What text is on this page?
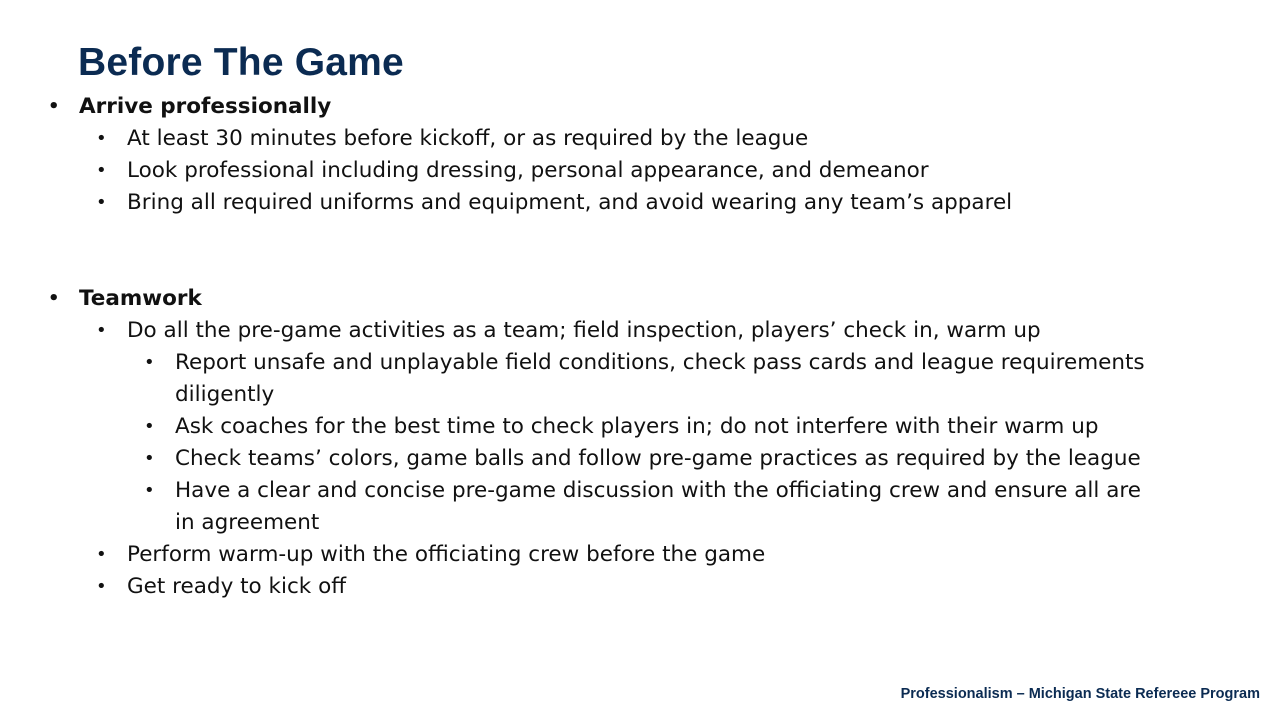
Before The Game
• Arrive professionally
• At least 30 minutes before kickoff, or as required by the league
• Look professional including dressing, personal appearance, and demeanor
• Bring all required uniforms and equipment, and avoid wearing any team’s apparel
• Teamwork
• Do all the pre-game activities as a team; field inspection, players’ check in, warm up
• Report unsafe and unplayable field conditions, check pass cards and league requirements diligently
• Ask coaches for the best time to check players in; do not interfere with their warm up
• Check teams’ colors, game balls and follow pre-game practices as required by the league
• Have a clear and concise pre-game discussion with the officiating crew and ensure all are in agreement
• Perform warm-up with the officiating crew before the game
• Get ready to kick off
Professionalism – Michigan State Refereee Program
